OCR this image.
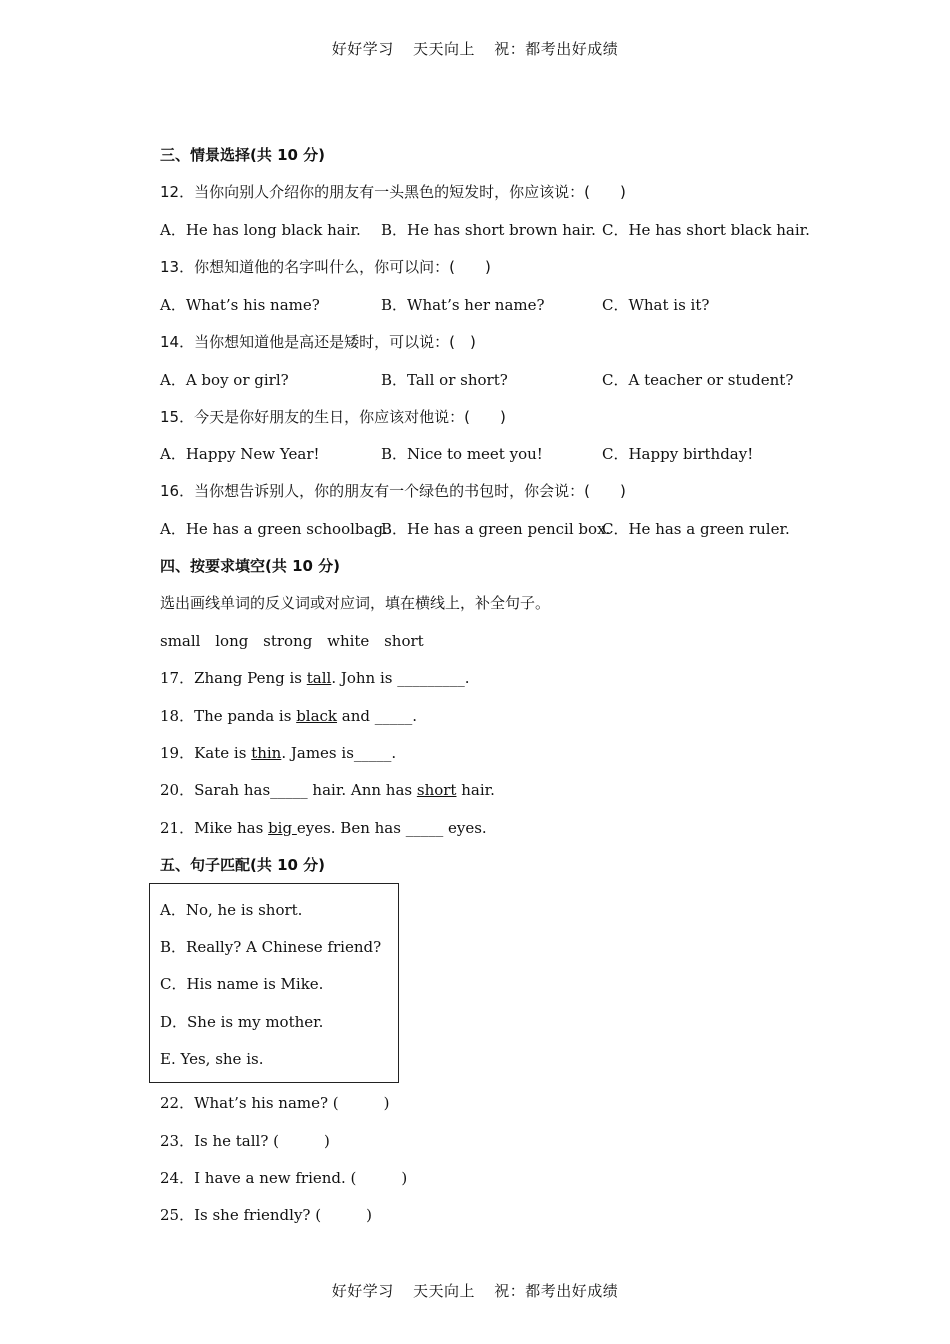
好好学习 天天向上 祝：都考出好成绩
三、情景选择(共 10 分)
12．当你向别人介绍你的朋友有一头黑色的短发时，你应该说：(　　)
A．He has long black hair. B．He has short brown hair. C．He has short black hair.
13．你想知道他的名字叫什么，你可以问：(　　)
A．What’s his name?	B．What’s her name?	C．What is it?
14．当你想知道他是高还是矮时，可以说：(　)
A．A boy or girl?	B．Tall or short?	C．A teacher or student?
15．今天是你好朋友的生日，你应该对他说：(　　)
A．Happy New Year!	B．Nice to meet you!	C．Happy birthday!
16．当你想告诉别人，你的朋友有一个绿色的书包时，你会说：(　　)
A．He has a green schoolbag.
B．He has a green pencil box.
C．He has a green ruler.
四、按要求填空(共 10 分)
选出画线单词的反义词或对应词，填在横线上，补全句子。
small long strong white short
17．Zhang Peng is tall. John is _________.
18．The panda is black and _____.
19．Kate is thin. James is_____.
20．Sarah has_____ hair. Ann has short hair.
21．Mike has big eyes. Ben has _____ eyes.
五、句子匹配(共 10 分)
A．No, he is short.
B．Really? A Chinese friend?
C．His name is Mike.
D．She is my mother.
E. Yes, she is.
22．What’s his name? (　　　)
23．Is he tall? (　　　)
24．I have a new friend. (　　　)
25．Is she friendly? (　　　)
好好学习 天天向上 祝：都考出好成绩
